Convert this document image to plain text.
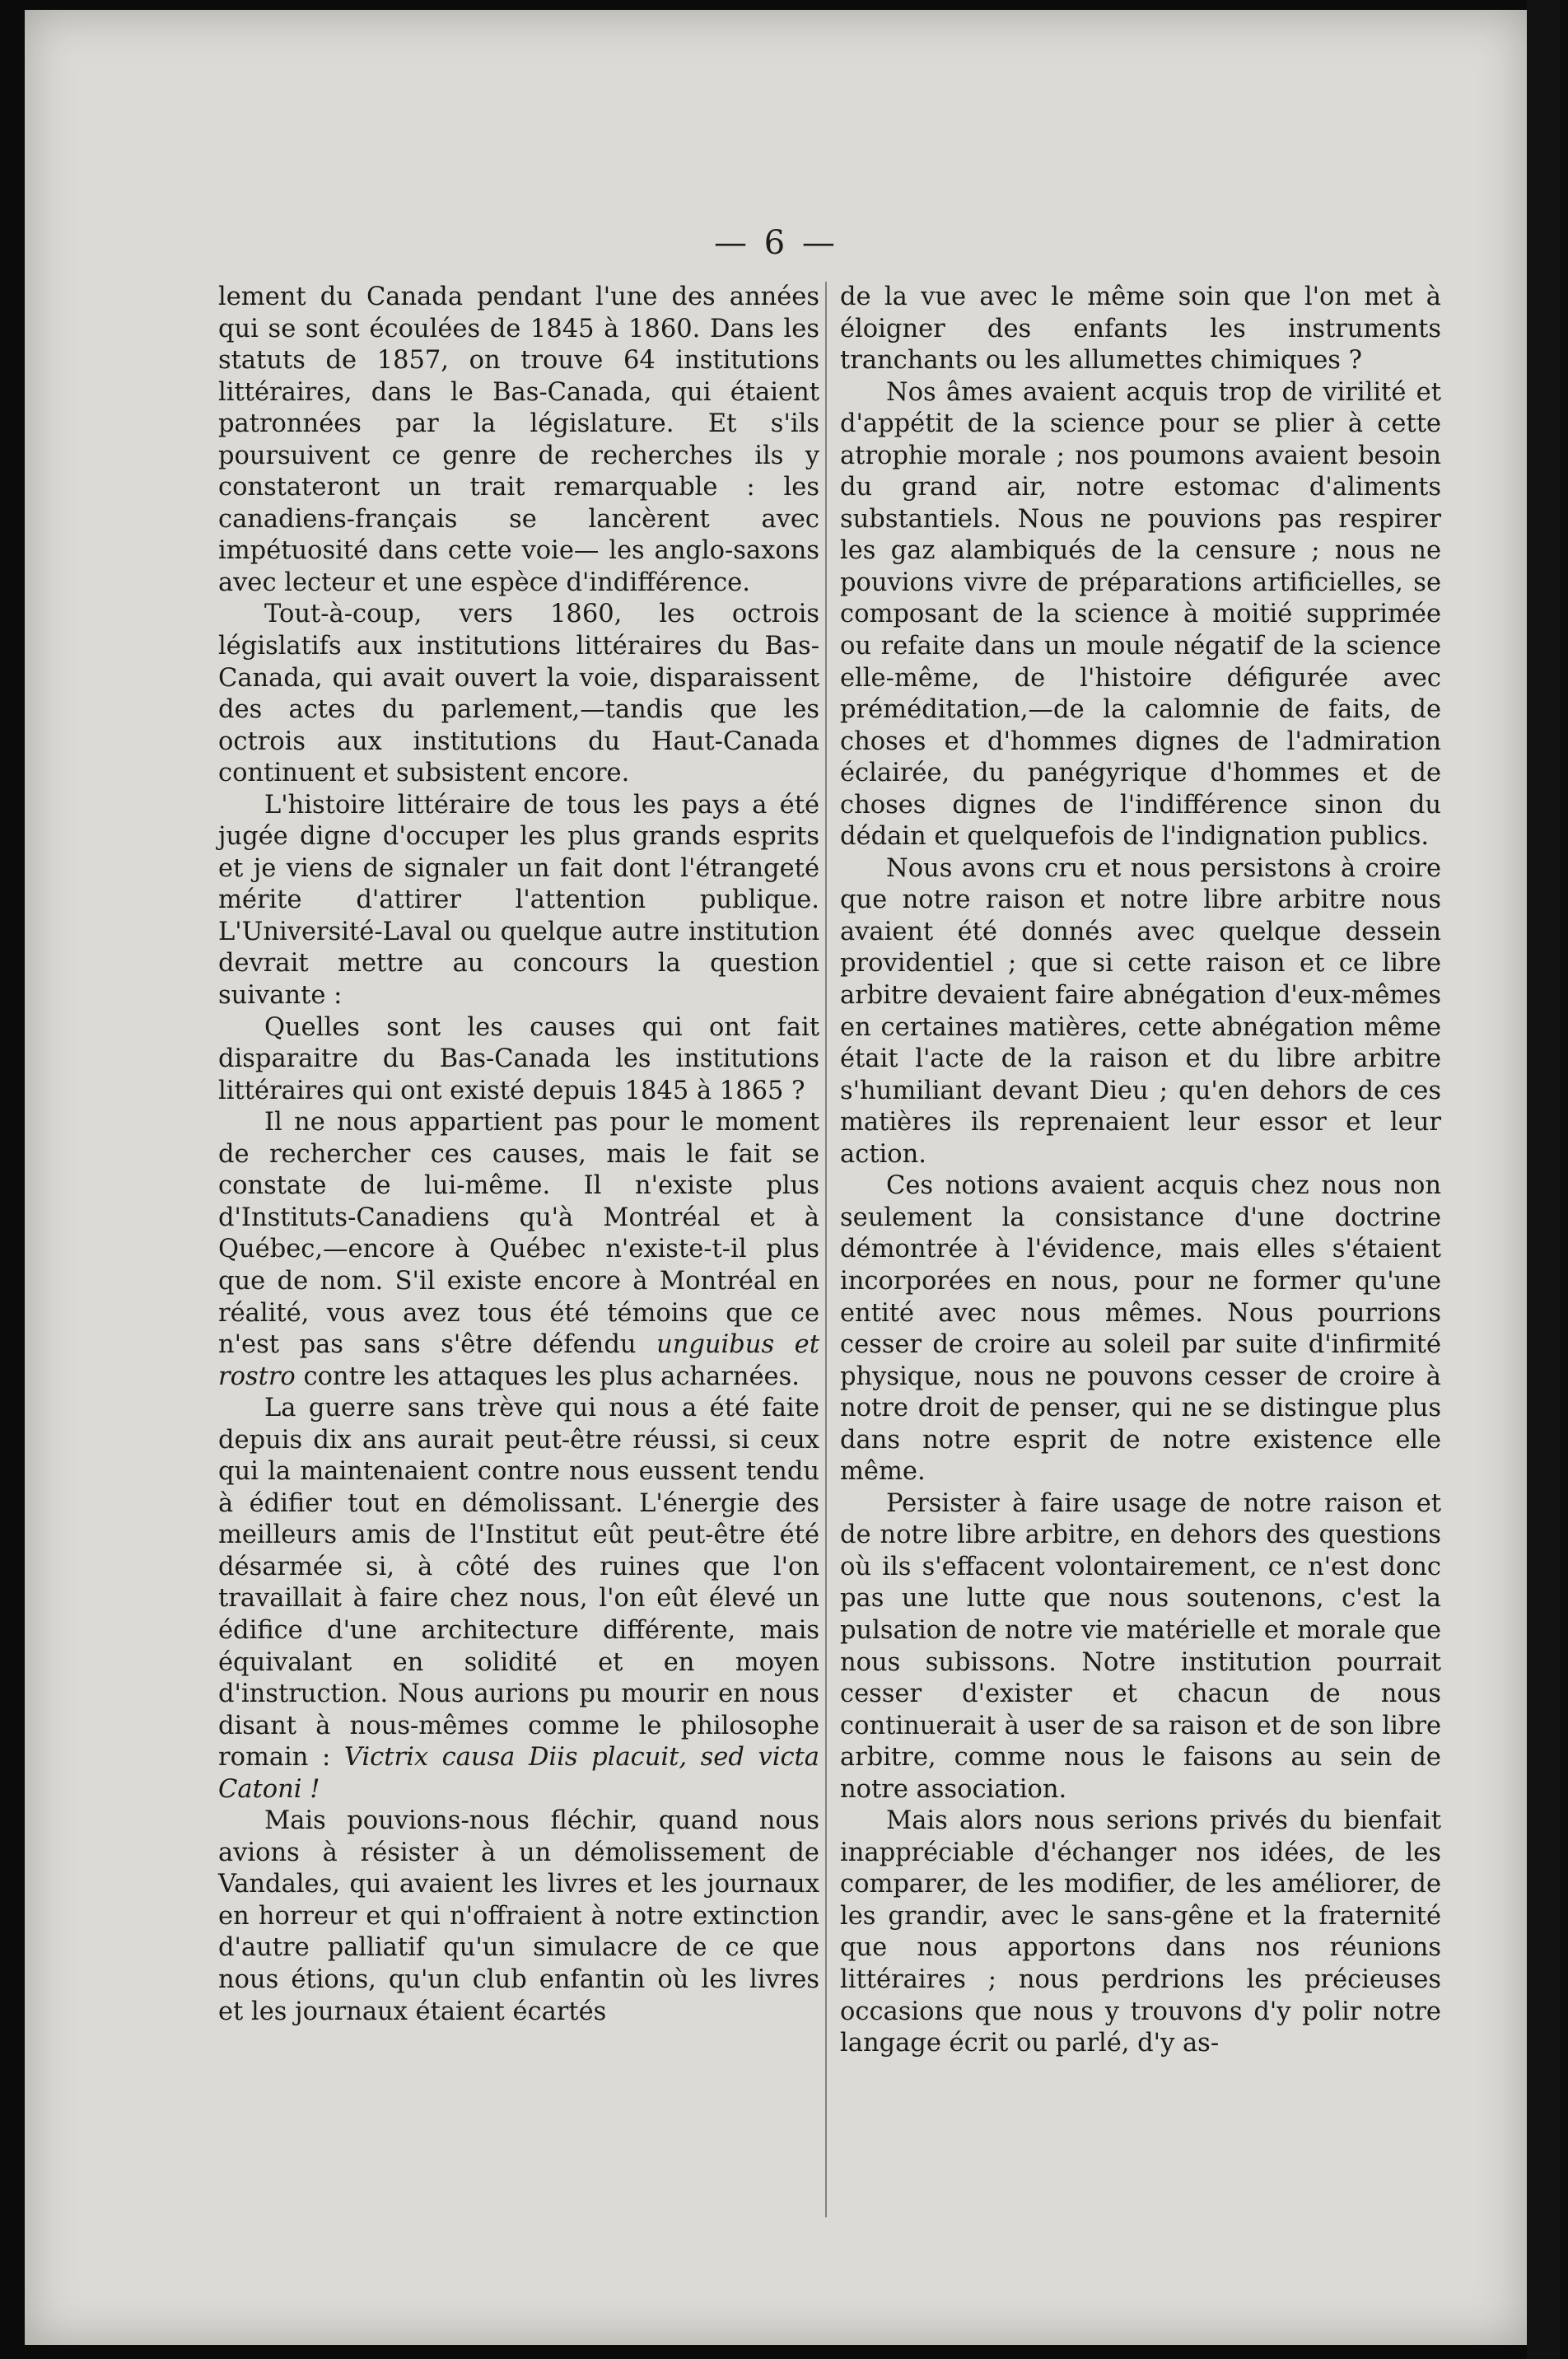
— 6 —

lement du Canada pendant l'une des années qui se sont écoulées de 1845 à 1860. Dans les statuts de 1857, on trouve 64 institutions littéraires, dans le Bas-Canada, qui étaient patronnées par la législature. Et s'ils poursuivent ce genre de recherches ils y constateront un trait remarquable : les canadiens-français se lancèrent avec impétuosité dans cette voie— les anglo-saxons avec lecteur et une espèce d'indifférence.

Tout-à-coup, vers 1860, les octrois législatifs aux institutions littéraires du Bas-Canada, qui avait ouvert la voie, disparaissent des actes du parlement,—tandis que les octrois aux institutions du Haut-Canada continuent et subsistent encore.

L'histoire littéraire de tous les pays a été jugée digne d'occuper les plus grands esprits et je viens de signaler un fait dont l'étrangeté mérite d'attirer l'attention publique. L'Université-Laval ou quelque autre institution devrait mettre au concours la question suivante :

Quelles sont les causes qui ont fait disparaitre du Bas-Canada les institutions littéraires qui ont existé depuis 1845 à 1865 ?

Il ne nous appartient pas pour le moment de rechercher ces causes, mais le fait se constate de lui-même. Il n'existe plus d'Instituts-Canadiens qu'à Montréal et à Québec,—encore à Québec n'existe-t-il plus que de nom. S'il existe encore à Montréal en réalité, vous avez tous été témoins que ce n'est pas sans s'être défendu unguibus et rostro contre les attaques les plus acharnées.

La guerre sans trève qui nous a été faite depuis dix ans aurait peut-être réussi, si ceux qui la maintenaient contre nous eussent tendu à édifier tout en démolissant. L'énergie des meilleurs amis de l'Institut eût peut-être été désarmée si, à côté des ruines que l'on travaillait à faire chez nous, l'on eût élevé un édifice d'une architecture différente, mais équivalant en solidité et en moyen d'instruction. Nous aurions pu mourir en nous disant à nous-mêmes comme le philosophe romain : Victrix causa Diis placuit, sed victa Catoni !

Mais pouvions-nous fléchir, quand nous avions à résister à un démolissement de Vandales, qui avaient les livres et les journaux en horreur et qui n'offraient à notre extinction d'autre palliatif qu'un simulacre de ce que nous étions, qu'un club enfantin où les livres et les journaux étaient écartés

de la vue avec le même soin que l'on met à éloigner des enfants les instruments tranchants ou les allumettes chimiques ?

Nos âmes avaient acquis trop de virilité et d'appétit de la science pour se plier à cette atrophie morale ; nos poumons avaient besoin du grand air, notre estomac d'aliments substantiels. Nous ne pouvions pas respirer les gaz alambiqués de la censure ; nous ne pouvions vivre de préparations artificielles, se composant de la science à moitié supprimée ou refaite dans un moule négatif de la science elle-même, de l'histoire défigurée avec préméditation,—de la calomnie de faits, de choses et d'hommes dignes de l'admiration éclairée, du panégyrique d'hommes et de choses dignes de l'indifférence sinon du dédain et quelquefois de l'indignation publics.

Nous avons cru et nous persistons à croire que notre raison et notre libre arbitre nous avaient été donnés avec quelque dessein providentiel ; que si cette raison et ce libre arbitre devaient faire abnégation d'eux-mêmes en certaines matières, cette abnégation même était l'acte de la raison et du libre arbitre s'humiliant devant Dieu ; qu'en dehors de ces matières ils reprenaient leur essor et leur action.

Ces notions avaient acquis chez nous non seulement la consistance d'une doctrine démontrée à l'évidence, mais elles s'étaient incorporées en nous, pour ne former qu'une entité avec nous mêmes. Nous pourrions cesser de croire au soleil par suite d'infirmité physique, nous ne pouvons cesser de croire à notre droit de penser, qui ne se distingue plus dans notre esprit de notre existence elle même.

Persister à faire usage de notre raison et de notre libre arbitre, en dehors des questions où ils s'effacent volontairement, ce n'est donc pas une lutte que nous soutenons, c'est la pulsation de notre vie matérielle et morale que nous subissons. Notre institution pourrait cesser d'exister et chacun de nous continuerait à user de sa raison et de son libre arbitre, comme nous le faisons au sein de notre association.

Mais alors nous serions privés du bienfait inappréciable d'échanger nos idées, de les comparer, de les modifier, de les améliorer, de les grandir, avec le sans-gêne et la fraternité que nous apportons dans nos réunions littéraires ; nous perdrions les précieuses occasions que nous y trouvons d'y polir notre langage écrit ou parlé, d'y as-
